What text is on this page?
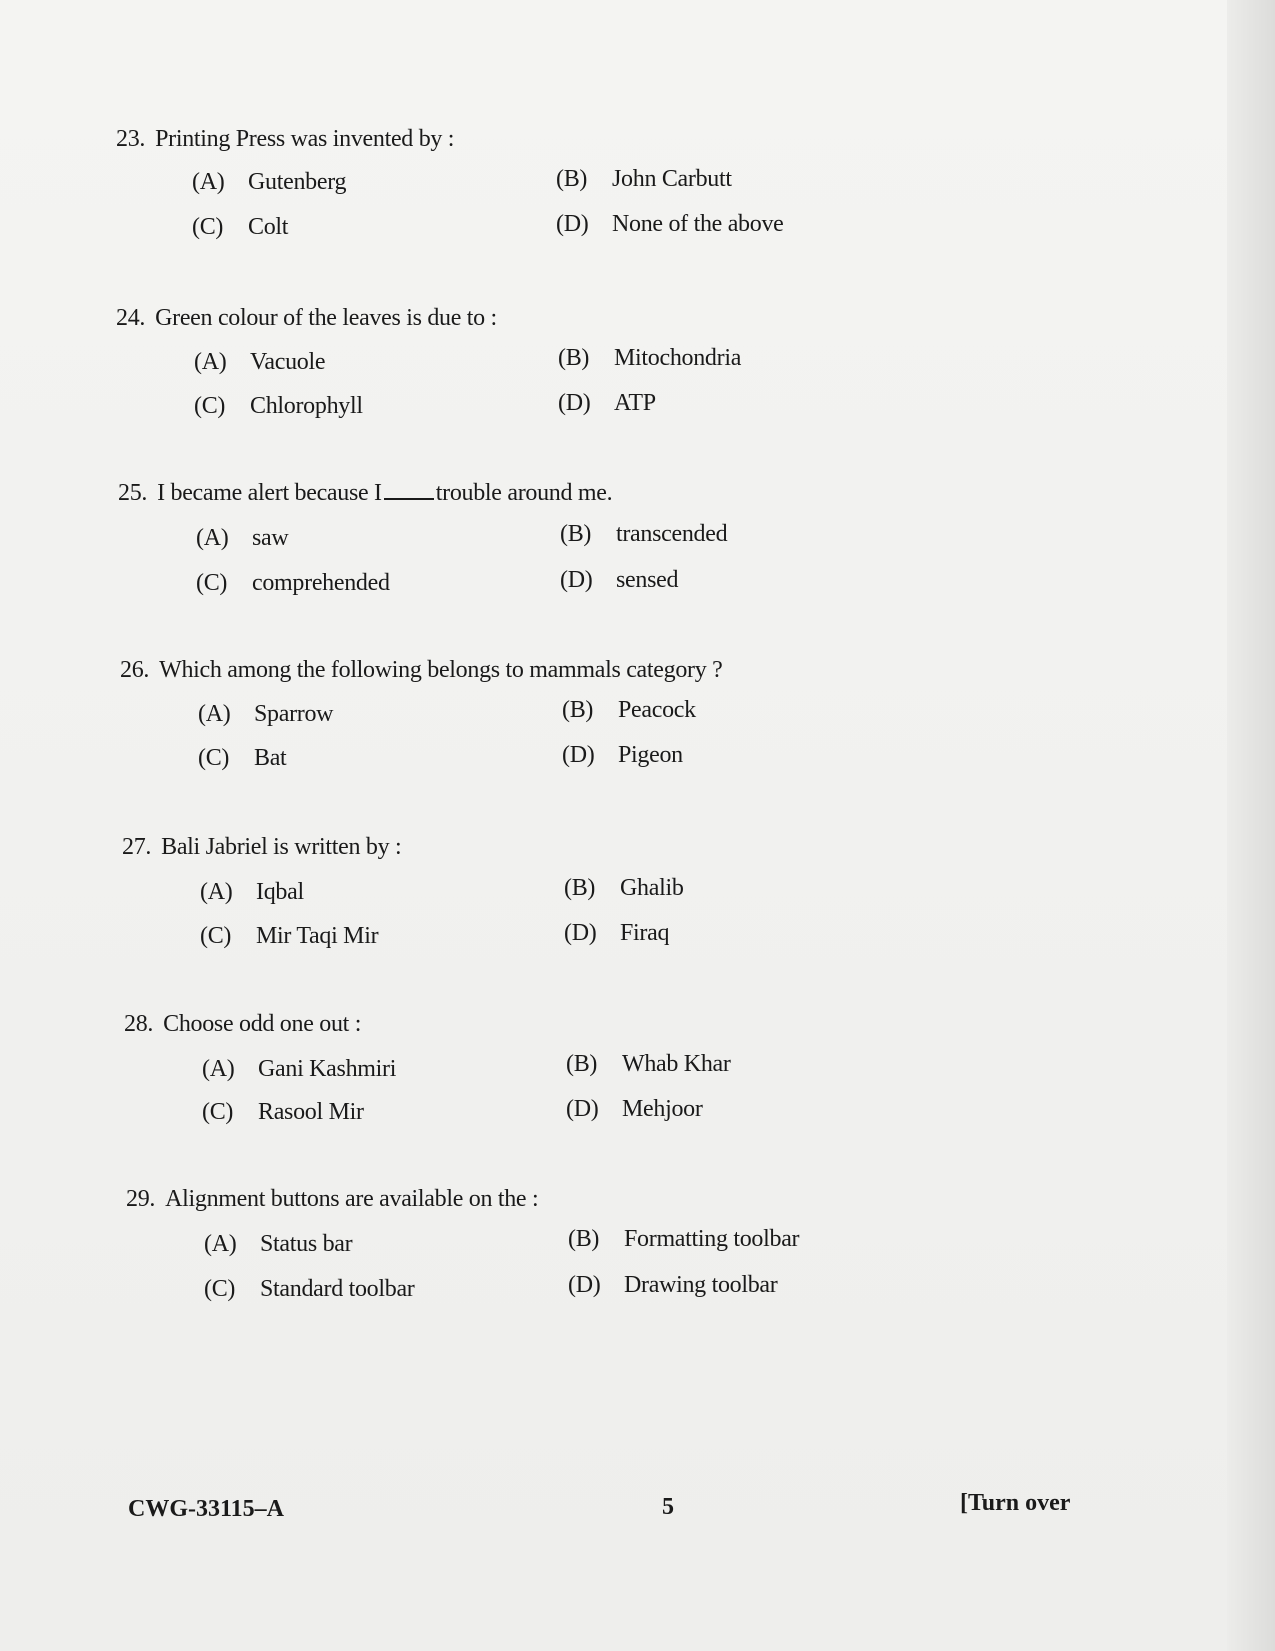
23. Printing Press was invented by :
(A) Gutenberg	(B) John Carbutt
(C) Colt	(D) None of the above
24. Green colour of the leaves is due to :
(A) Vacuole	(B) Mitochondria
(C) Chlorophyll	(D) ATP
25. I became alert because I trouble around me.
(A) saw	(B) transcended
(C) comprehended	(D) sensed
26. Which among the following belongs to mammals category ?
(A) Sparrow	(B) Peacock
(C) Bat	(D) Pigeon
27. Bali Jabriel is written by :
(A) Iqbal	(B) Ghalib
(C) Mir Taqi Mir	(D) Firaq
28. Choose odd one out :
(A) Gani Kashmiri	(B) Whab Khar
(C) Rasool Mir	(D) Mehjoor
29. Alignment buttons are available on the :
(A) Status bar	(B) Formatting toolbar
(C) Standard toolbar	(D) Drawing toolbar
CWG-33115–A	5	[Turn over
